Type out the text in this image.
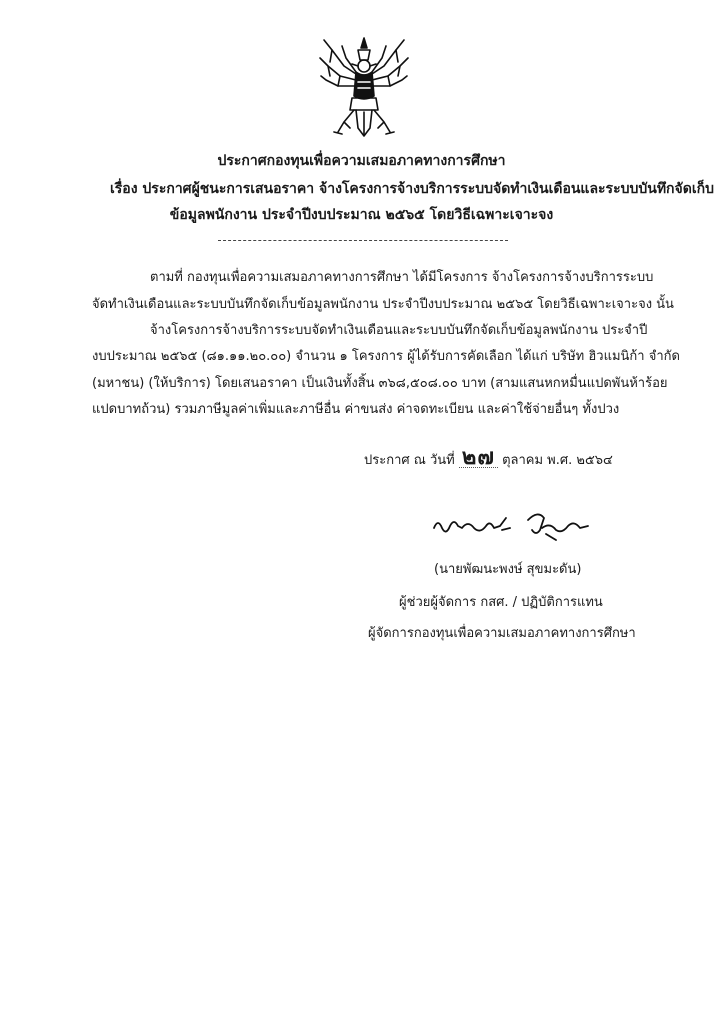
ประกาศกองทุนเพื่อความเสมอภาคทางการศึกษา
เรื่อง ประกาศผู้ชนะการเสนอราคา จ้างโครงการจ้างบริการระบบจัดทำเงินเดือนและระบบบันทึกจัดเก็บ
ข้อมูลพนักงาน ประจำปีงบประมาณ ๒๕๖๕ โดยวิธีเฉพาะเจาะจง
ตามที่ กองทุนเพื่อความเสมอภาคทางการศึกษา ได้มีโครงการ จ้างโครงการจ้างบริการระบบ
จัดทำเงินเดือนและระบบบันทึกจัดเก็บข้อมูลพนักงาน ประจำปีงบประมาณ ๒๕๖๕ โดยวิธีเฉพาะเจาะจง นั้น
จ้างโครงการจ้างบริการระบบจัดทำเงินเดือนและระบบบันทึกจัดเก็บข้อมูลพนักงาน ประจำปี
งบประมาณ ๒๕๖๕ (๘๑.๑๑.๒๐.๐๐) จำนวน ๑ โครงการ ผู้ได้รับการคัดเลือก ได้แก่ บริษัท ฮิวแมนิก้า จำกัด
(มหาชน) (ให้บริการ) โดยเสนอราคา เป็นเงินทั้งสิ้น ๓๖๘,๕๐๘.๐๐ บาท (สามแสนหกหมื่นแปดพันห้าร้อย
แปดบาทถ้วน) รวมภาษีมูลค่าเพิ่มและภาษีอื่น ค่าขนส่ง ค่าจดทะเบียน และค่าใช้จ่ายอื่นๆ ทั้งปวง
ประกาศ ณ วันที่ ๒๗ ตุลาคม พ.ศ. ๒๕๖๔
(นายพัฒนะพงษ์ สุขมะดัน)
ผู้ช่วยผู้จัดการ กสศ. / ปฏิบัติการแทน
ผู้จัดการกองทุนเพื่อความเสมอภาคทางการศึกษา
